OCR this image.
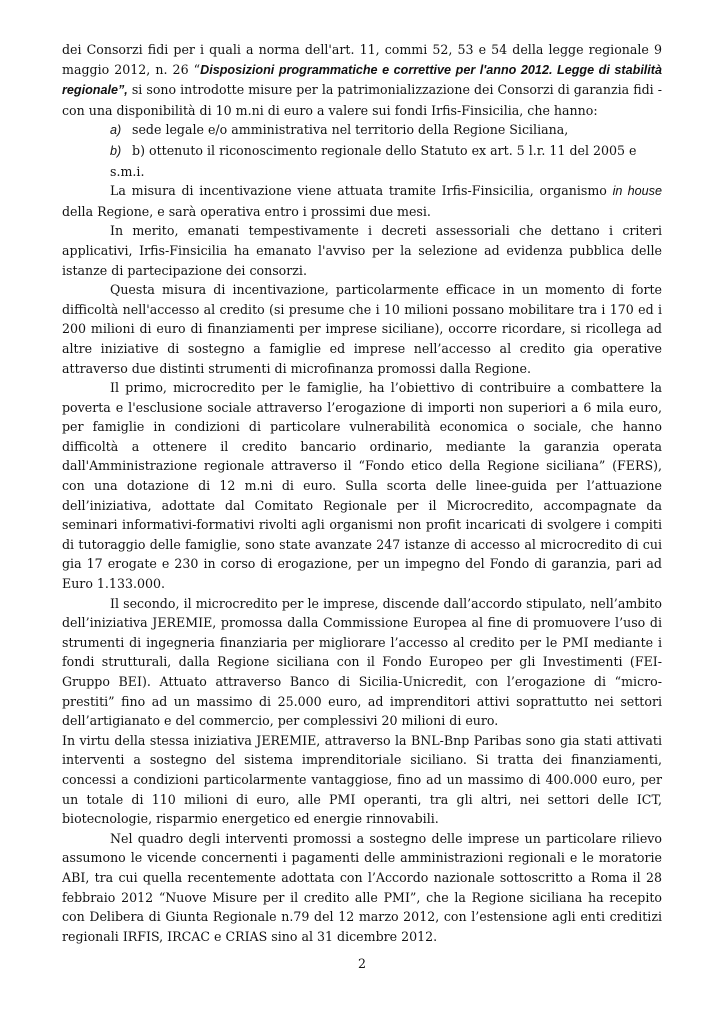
dei Consorzi fidi per i quali a norma dell'art. 11, commi 52, 53 e 54 della legge regionale 9 maggio 2012, n. 26 “Disposizioni programmatiche e correttive per l'anno 2012. Legge di stabilità regionale”, si sono introdotte misure per la patrimonializzazione dei Consorzi di garanzia fidi - con una disponibilità di 10 m.ni di euro a valere sui fondi Irfis-Finsicilia, che hanno:

a) sede legale e/o amministrativa nel territorio della Regione Siciliana,

b) b) ottenuto il riconoscimento regionale dello Statuto ex art. 5 l.r. 11 del 2005 e s.m.i.

La misura di incentivazione viene attuata tramite Irfis-Finsicilia, organismo in house della Regione, e sarà operativa entro i prossimi due mesi.

In merito, emanati tempestivamente i decreti assessoriali che dettano i criteri applicativi, Irfis-Finsicilia ha emanato l'avviso per la selezione ad evidenza pubblica delle istanze di partecipazione dei consorzi.

Questa misura di incentivazione, particolarmente efficace in un momento di forte difficoltà nell'accesso al credito (si presume che i 10 milioni possano mobilitare tra i 170 ed i 200 milioni di euro di finanziamenti per imprese siciliane), occorre ricordare, si ricollega ad altre iniziative di sostegno a famiglie ed imprese nell’accesso al credito gia operative attraverso due distinti strumenti di microfinanza promossi dalla Regione.

Il primo, microcredito per le famiglie, ha l’obiettivo di contribuire a combattere la poverta e l'esclusione sociale attraverso l’erogazione di importi non superiori a 6 mila euro, per famiglie in condizioni di particolare vulnerabilità economica o sociale, che hanno difficoltà a ottenere il credito bancario ordinario, mediante la garanzia operata dall'Amministrazione regionale attraverso il “Fondo etico della Regione siciliana” (FERS), con una dotazione di 12 m.ni di euro. Sulla scorta delle linee-guida per l’attuazione dell’iniziativa, adottate dal Comitato Regionale per il Microcredito, accompagnate da seminari informativi-formativi rivolti agli organismi non profit incaricati di svolgere i compiti di tutoraggio delle famiglie, sono state avanzate 247 istanze di accesso al microcredito di cui gia 17 erogate e 230 in corso di erogazione, per un impegno del Fondo di garanzia, pari ad Euro 1.133.000.

Il secondo, il microcredito per le imprese, discende dall’accordo stipulato, nell’ambito dell’iniziativa JEREMIE, promossa dalla Commissione Europea al fine di promuovere l’uso di strumenti di ingegneria finanziaria per migliorare l’accesso al credito per le PMI mediante i fondi strutturali, dalla Regione siciliana con il Fondo Europeo per gli Investimenti (FEI-Gruppo BEI). Attuato attraverso Banco di Sicilia-Unicredit, con l’erogazione di “micro-prestiti” fino ad un massimo di 25.000 euro, ad imprenditori attivi soprattutto nei settori dell’artigianato e del commercio, per complessivi 20 milioni di euro.

In virtu della stessa iniziativa JEREMIE, attraverso la BNL-Bnp Paribas sono gia stati attivati interventi a sostegno del sistema imprenditoriale siciliano. Si tratta dei finanziamenti, concessi a condizioni particolarmente vantaggiose, fino ad un massimo di 400.000 euro, per un totale di 110 milioni di euro, alle PMI operanti, tra gli altri, nei settori delle ICT, biotecnologie, risparmio energetico ed energie rinnovabili.

Nel quadro degli interventi promossi a sostegno delle imprese un particolare rilievo assumono le vicende concernenti i pagamenti delle amministrazioni regionali e le moratorie ABI, tra cui quella recentemente adottata con l’Accordo nazionale sottoscritto a Roma il 28 febbraio 2012 “Nuove Misure per il credito alle PMI”, che la Regione siciliana ha recepito con Delibera di Giunta Regionale n.79 del 12 marzo 2012, con l’estensione agli enti creditizi regionali IRFIS, IRCAC e CRIAS sino al 31 dicembre 2012.

2
